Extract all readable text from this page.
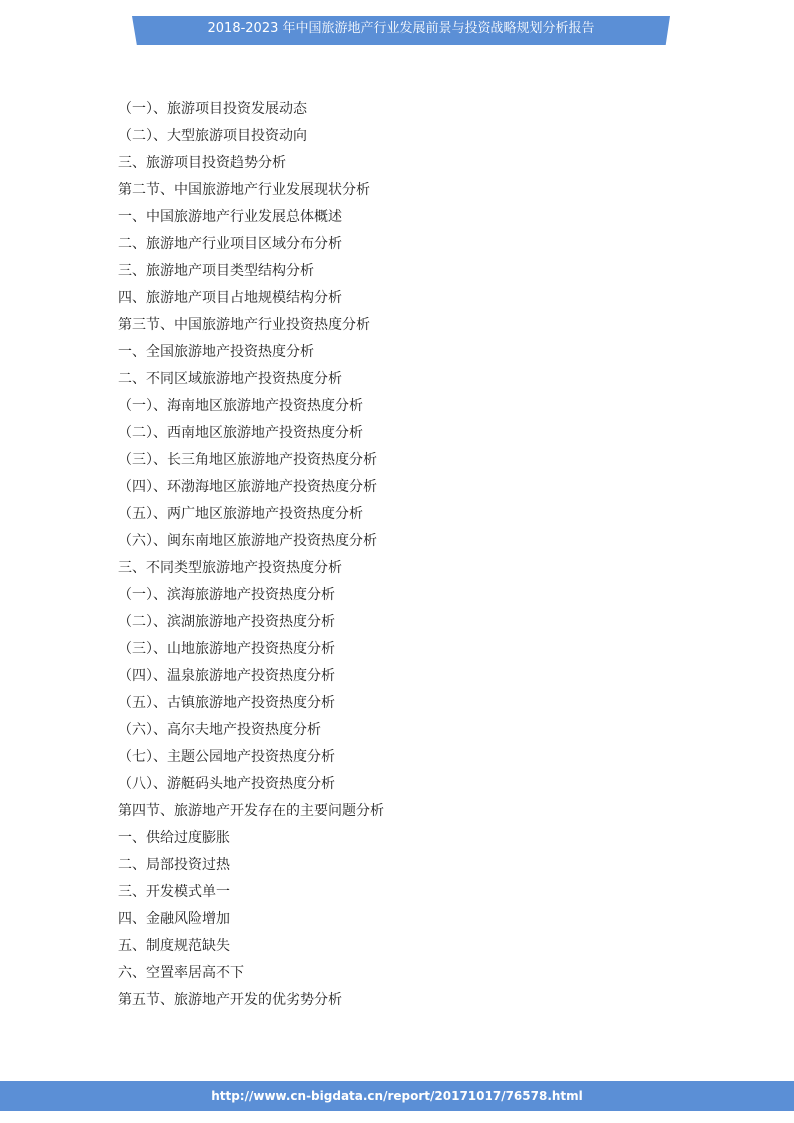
2018-2023 年中国旅游地产行业发展前景与投资战略规划分析报告
（一）、旅游项目投资发展动态
（二）、大型旅游项目投资动向
三、旅游项目投资趋势分析
第二节、中国旅游地产行业发展现状分析
一、中国旅游地产行业发展总体概述
二、旅游地产行业项目区域分布分析
三、旅游地产项目类型结构分析
四、旅游地产项目占地规模结构分析
第三节、中国旅游地产行业投资热度分析
一、全国旅游地产投资热度分析
二、不同区域旅游地产投资热度分析
（一）、海南地区旅游地产投资热度分析
（二）、西南地区旅游地产投资热度分析
（三）、长三角地区旅游地产投资热度分析
（四）、环渤海地区旅游地产投资热度分析
（五）、两广地区旅游地产投资热度分析
（六）、闽东南地区旅游地产投资热度分析
三、不同类型旅游地产投资热度分析
（一）、滨海旅游地产投资热度分析
（二）、滨湖旅游地产投资热度分析
（三）、山地旅游地产投资热度分析
（四）、温泉旅游地产投资热度分析
（五）、古镇旅游地产投资热度分析
（六）、高尔夫地产投资热度分析
（七）、主题公园地产投资热度分析
（八）、游艇码头地产投资热度分析
第四节、旅游地产开发存在的主要问题分析
一、供给过度膨胀
二、局部投资过热
三、开发模式单一
四、金融风险增加
五、制度规范缺失
六、空置率居高不下
第五节、旅游地产开发的优劣势分析
http://www.cn-bigdata.cn/report/20171017/76578.html
